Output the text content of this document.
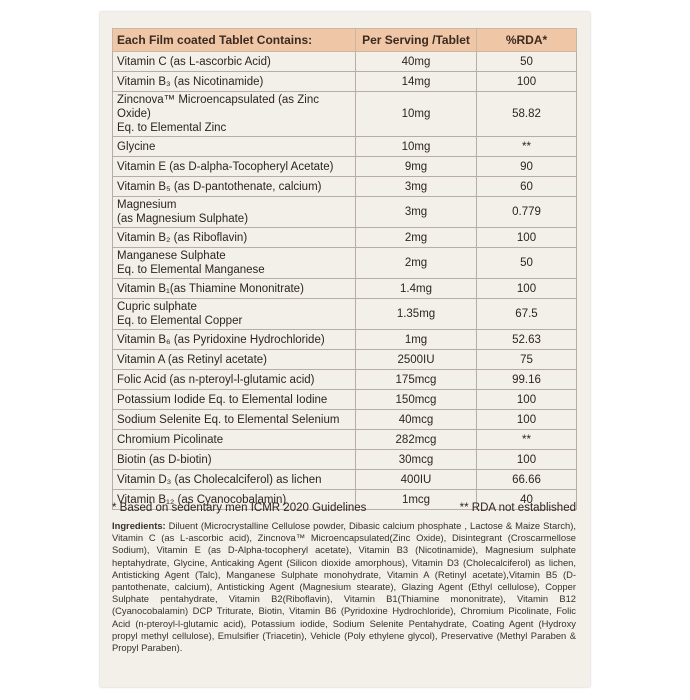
Each Film coated Tablet Contains:	Per Serving /Tablet	%RDA*
Vitamin C (as L-ascorbic Acid)	40mg	50
Vitamin B₃ (as Nicotinamide)	14mg	100
Zincnova™ Microencapsulated (as Zinc Oxide)
Eq. to Elemental Zinc	10mg	58.82
Glycine	10mg	**
Vitamin E (as D-alpha-Tocopheryl Acetate)	9mg	90
Vitamin B₅ (as D-pantothenate, calcium)	3mg	60
Magnesium
(as Magnesium Sulphate)	3mg	0.779
Vitamin B₂ (as Riboflavin)	2mg	100
Manganese Sulphate
Eq. to Elemental Manganese	2mg	50
Vitamin B₁(as Thiamine Mononitrate)	1.4mg	100
Cupric sulphate
Eq. to Elemental Copper	1.35mg	67.5
Vitamin B₆ (as Pyridoxine Hydrochloride)	1mg	52.63
Vitamin A (as Retinyl acetate)	2500IU	75
Folic Acid (as n-pteroyl-l-glutamic acid)	175mcg	99.16
Potassium Iodide Eq. to Elemental Iodine	150mcg	100
Sodium Selenite Eq. to Elemental Selenium	40mcg	100
Chromium Picolinate	282mcg	**
Biotin (as D-biotin)	30mcg	100
Vitamin D₃ (as Cholecalciferol) as lichen	400IU	66.66
Vitamin B₁₂ (as Cyanocobalamin)	1mcg	40
* Based on sedentary men ICMR 2020 Guidelines	** RDA not established
Ingredients: Diluent (Microcrystalline Cellulose powder, Dibasic calcium phosphate , Lactose & Maize Starch), Vitamin C (as L-ascorbic acid), Zincnova™ Microencapsulated(Zinc Oxide), Disintegrant (Croscarmellose Sodium), Vitamin E (as D-Alpha-tocopheryl acetate), Vitamin B3 (Nicotinamide), Magnesium sulphate heptahydrate, Glycine, Anticaking Agent (Silicon dioxide amorphous), Vitamin D3 (Cholecalciferol) as lichen, Antisticking Agent (Talc), Manganese Sulphate monohydrate, Vitamin A (Retinyl acetate),Vitamin B5 (D-pantothenate, calcium), Antisticking Agent (Magnesium stearate), Glazing Agent (Ethyl cellulose), Copper Sulphate pentahydrate, Vitamin B2(Riboflavin), Vitamin B1(Thiamine mononitrate), Vitamin B12 (Cyanocobalamin) DCP Triturate, Biotin, Vitamin B6 (Pyridoxine Hydrochloride), Chromium Picolinate, Folic Acid (n-pteroyl-l-glutamic acid), Potassium iodide, Sodium Selenite Pentahydrate, Coating Agent (Hydroxy propyl methyl cellulose), Emulsifier (Triacetin), Vehicle (Poly ethylene glycol), Preservative (Methyl Paraben & Propyl Paraben).
